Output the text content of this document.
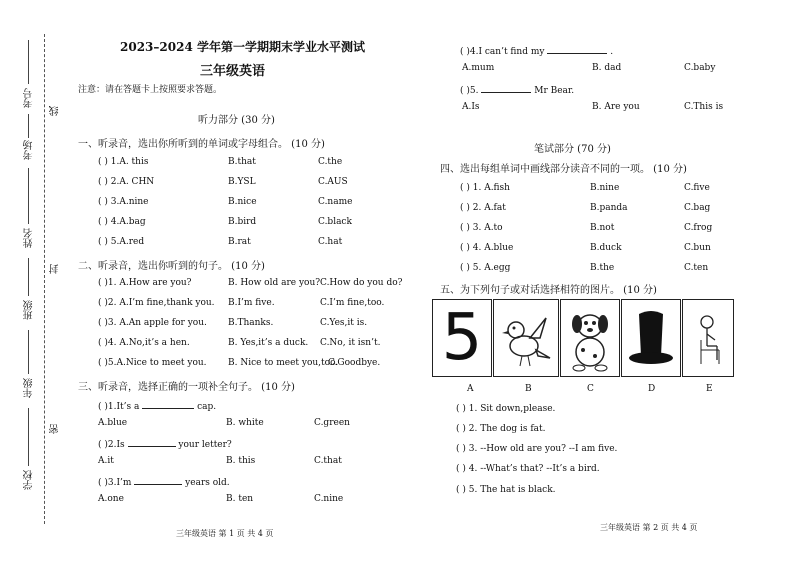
考号
线
考场
姓名
封
班级
年级
密
学校
2023–2024 学年第一学期期末学业水平测试
三年级英语
注意：请在答题卡上按照要求答题。
听力部分 (30 分)
一、听录音，选出你所听到的单词或字母组合。 (10 分)
( ) 1.A. this	B.that	C.the
( ) 2.A. CHN	B.YSL	C.AUS
( ) 3.A.nine	B.nice	C.name
( ) 4.A.bag	B.bird	C.black
( ) 5.A.red	B.rat	C.hat
二、听录音，选出你听到的句子。 (10 分)
( )1. A.How are you?	B. How old are you? C.How do you do?
( )2. A.I’m fine,thank you. B.I’m five.	C.I’m fine,too.
( )3. A.An apple for you. B.Thanks.	C.Yes,it is.
( )4. A.No,it’s a hen.	B. Yes,it’s a duck. C.No, it isn’t.
( )5.A.Nice to meet you. B. Nice to meet you,too.
C.Goodbye.
三、听录音，选择正确的一项补全句子。 (10 分)
( )1.It’s a	cap.
A.blue	B. white	C.green
( )2.Is	your letter?
A.it	B. this	C.that
( )3.I’m	years old.
A.one	B. ten	C.nine
三年级英语 第 1 页 共 4 页
( )4.I can’t find my	.
A.mum	B. dad	C.baby
( )5.	Mr Bear.
A.Is	B. Are you	C.This is
笔试部分 (70 分)
四、选出每组单词中画线部分读音不同的一项。 (10 分)
( ) 1. A.fish	B.nine	C.five
( ) 2. A.fat	B.panda	C.bag
( ) 3. A.to	B.not	C.frog
( ) 4. A.blue	B.duck	C.bun
( ) 5. A.egg	B.the	C.ten
五、为下列句子或对话选择相符的图片。 (10 分)
5
A	B	C	D	E
( ) 1. Sit down,please.
( ) 2. The dog is fat.
( ) 3. --How old are you? --I am five.
( ) 4. --What’s that? --It’s a bird.
( ) 5. The hat is black.
三年级英语 第 2 页 共 4 页
